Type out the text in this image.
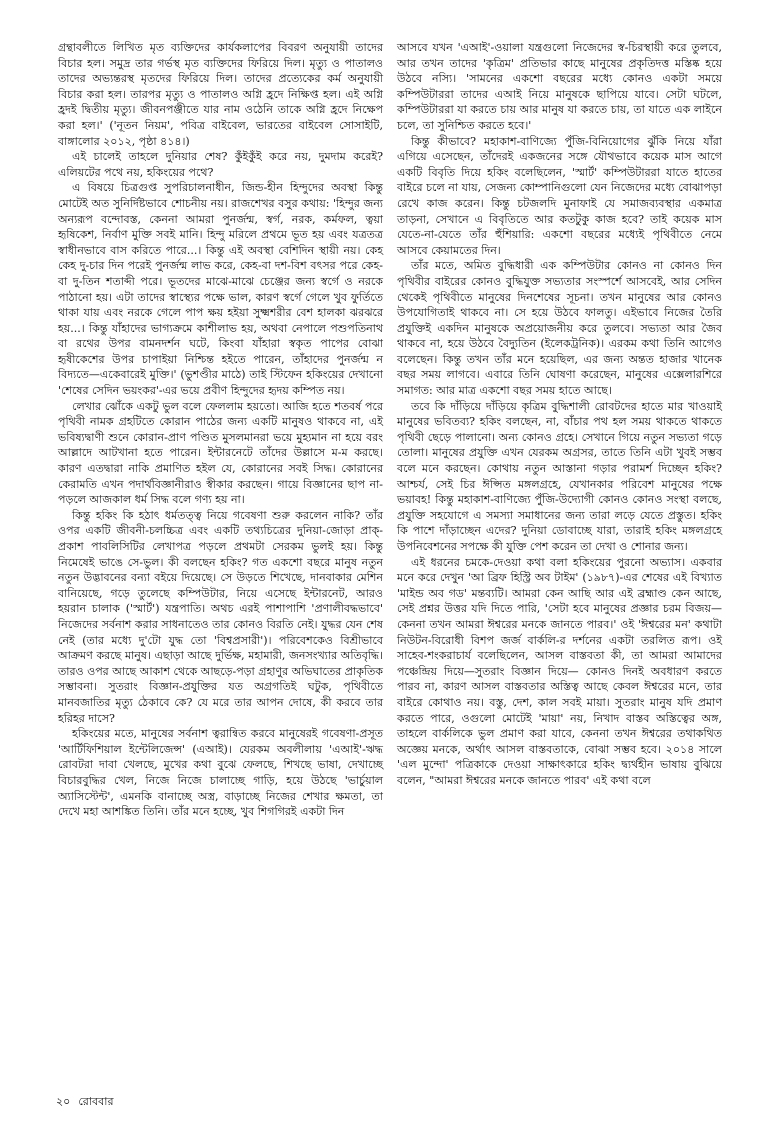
গ্রন্থাবলীতে লিখিত মৃত ব্যক্তিদের কার্যকলাপের বিবরণ অনুযায়ী তাদের বিচার হল। সমুদ্র তার গর্ভস্থ মৃত ব্যক্তিদের ফিরিয়ে দিল। মৃত্যু ও পাতালও তাদের অভ্যন্তরস্থ মৃতদের ফিরিয়ে দিল। তাদের প্রত্যেকের কর্ম অনুযায়ী বিচার করা হল। তারপর মৃত্যু ও পাতালও অগ্নি হ্রদে নিক্ষিপ্ত হল। এই অগ্নি হ্রদই দ্বিতীয় মৃত্যু। জীবনপঞ্জীতে যার নাম ওঠেনি তাকে অগ্নি হ্রদে নিক্ষেপ করা হল।' ('নূতন নিয়ম', পবিত্র বাইবেল, ভারতের বাইবেল সোসাইটি, বাঙ্গালোর ২০১২, পৃষ্ঠা ৪১৪।)

এই চালেই তাহলে দুনিয়ার শেষ? কুঁইকুঁই করে নয়, দুমদাম করেই? এলিয়টের পথে নয়, হকিংয়ের পথে?

এ বিষয়ে চিত্রগুপ্ত সুপরিচালনাধীন, জিন্ড-হীন হিন্দুদের অবস্থা কিন্তু মোটেই অত সুনির্দিষ্টভাবে শোচনীয় নয়। রাজশেখর বসুর কথায়: 'হিন্দুর জন্য অন্যরূপ বন্দোবস্ত, কেননা আমরা পুনর্জন্ম, স্বর্গ, নরক, কর্মফল, ত্বয়া হৃষিকেশ, নির্বাণ মুক্তি সবই মানি। হিন্দু মরিলে প্রথমে ভূত হয় এবং যত্রতত্র স্বাধীনভাবে বাস করিতে পারে...। কিন্তু এই অবস্থা বেশিদিন স্থায়ী নয়। কেহ কেহ দু-চার দিন পরেই পুনর্জন্ম লাভ করে, কেহ-বা দশ-বিশ বৎসর পরে কেহ-বা দু-তিন শতাব্দী পরে। ভূতদের মাঝে-মাঝে চেঞ্জের জন্য স্বর্গে ও নরকে পাঠানো হয়। এটা তাদের স্বাস্থ্যের পক্ষে ভাল, কারণ স্বর্গে গেলে খুব ফুর্তিতে থাকা যায় এবং নরকে গেলে পাপ ক্ষয় হইয়া সুক্ষ্মশরীর বেশ হালকা ঝরঝরে হয়...। কিন্তু যাঁহাদের ভাগ্যক্রমে কাশীলাভ হয়, অথবা নেপালে পশুপতিনাথ বা রথের উপর বামনদর্শন ঘটে, কিংবা যাঁহারা স্বকৃত পাপের বোঝা হৃষীকেশের উপর চাপাইয়া নিশ্চিন্ত হইতে পারেন, তাঁহাদের পুনর্জন্ম ন বিদ্যতে—একেবারেই মুক্তি।' (ভুশণ্ডীর মাঠে) তাই স্টিফেন হকিংয়ের দেখানো 'শেষের সেদিন ভয়ংকর'-এর ভয়ে প্রবীণ হিন্দুদের হৃদয় কম্পিত নয়।

লেখার ঝোঁকে একটু ভুল বলে ফেললাম হয়তো। আজি হতে শতবর্ষ পরে পৃথিবী নামক গ্রহটিতে কোরান পাঠের জন্য একটি মানুষও থাকবে না, এই ভবিষ্যদ্বাণী শুনে কোরান-প্রাণ পণ্ডিত মুসলমানরা ভয়ে মুহ্যমান না হয়ে বরং আল্লাদে আটখানা হতে পারেন। ইন্টারনেটে তাঁদের উল্লাসে ম-ম করছে। কারণ এতদ্বারা নাকি প্রমাণিত হইল যে, কোরানের সবই সিদ্ধ। কোরানের কেরামতি এখন পদার্থবিজ্ঞানীরাও স্বীকার করছেন। গায়ে বিজ্ঞানের ছাপ না-পড়লে আজকাল ধর্ম সিদ্ধ বলে গণ্য হয় না।

কিন্তু হকিং কি হঠাৎ ধর্মতত্ত্ব নিয়ে গবেষণা শুরু করলেন নাকি? তাঁর ওপর একটি জীবনী-চলচ্চিত্র এবং একটি তথ্যচিত্রের দুনিয়া-জোড়া প্রাক্-প্রকাশ পাবলিসিটির লেখাপত্র পড়লে প্রথমটা সেরকম ভুলই হয়। কিন্তু নিমেষেই ভাঙে সে-ভুল। কী বলছেন হকিং? গত একশো বছরে মানুষ নতুন নতুন উদ্ভাবনের বন্যা বইয়ে দিয়েছে। সে উড়তে শিখেছে, দানবাকার মেশিন বানিয়েছে, গড়ে তুলেছে কম্পিউটার, নিয়ে এসেছে ইন্টারনেট, আরও হয়রান চালাক ('স্মার্ট') যন্ত্রপাতি। অথচ এরই পাশাপাশি 'প্রণালীবদ্ধভাবে' নিজেদের সর্বনাশ করার সাধনাতেও তার কোনও বিরতি নেই। যুদ্ধর যেন শেষ নেই (তার মধ্যে দু'টো যুদ্ধ তো 'বিশ্বপ্রসারী')। পরিবেশকেও বিশ্রীভাবে আক্রমণ করছে মানুষ। এছাড়া আছে দুর্ভিক্ষ, মহামারী, জনসংখ্যার অতিবৃদ্ধি। তারও ওপর আছে আকাশ থেকে আছড়ে-পড়া গ্রহাণুর অভিঘাতের প্রাকৃতিক সম্ভাবনা। সুতরাং বিজ্ঞান-প্রযুক্তির যত অগ্রগতিই ঘটুক, পৃথিবীতে মানবজাতির মৃত্যু ঠেকাবে কে? যে মরে তার আপন দোষে, কী করবে তার হরিহর দাসে?

হকিংয়ের মতে, মানুষের সর্বনাশ ত্বরান্বিত করবে মানুষেরই গবেষণা-প্রসূত 'আর্টিফিশিয়াল ইন্টেলিজেন্স' (এআই)। যেরকম অবলীলায় 'এআই'-ঋদ্ধ রোবটরা দাবা খেলছে, মুখের কথা বুঝে ফেলছে, শিখছে ভাষা, দেখাচ্ছে বিচারবুদ্ধির খেল, নিজে নিজে চালাচ্ছে গাড়ি, হয়ে উঠছে 'ভার্চুয়াল অ্যাসিস্টেন্ট', এমনকি বানাচ্ছে অস্ত্র, বাড়াচ্ছে নিজের শেখার ক্ষমতা, তা দেখে মহা আশঙ্কিত তিনি। তাঁর মনে হচ্ছে, খুব শিগগিরই একটা দিন

আসবে যখন 'এআই'-ওয়ালা যন্ত্রগুলো নিজেদের স্ব-চিরস্থায়ী করে তুলবে, আর তখন তাদের 'কৃত্রিম' প্রতিভার কাছে মানুষের প্রকৃতিদত্ত মস্তিষ্ক হয়ে উঠবে নস্যি। 'সামনের একশো বছরের মধ্যে কোনও একটা সময়ে কম্পিউটাররা তাদের এআই নিয়ে মানুষকে ছাপিয়ে যাবে। সেটা ঘটলে, কম্পিউটাররা যা করতে চায় আর মানুষ যা করতে চায়, তা যাতে এক লাইনে চলে, তা সুনিশ্চিত করতে হবে।'

কিন্তু কীভাবে? মহাকাশ-বাণিজ্যে পুঁজি-বিনিয়োগের ঝুঁকি নিয়ে যাঁরা এগিয়ে এসেছেন, তাঁদেরই একজনের সঙ্গে যৌথভাবে কয়েক মাস আগে একটি বিবৃতি দিয়ে হকিং বলেছিলেন, 'স্মার্ট' কম্পিউটাররা যাতে হাতের বাইরে চলে না যায়, সেজন্য কোম্পানিগুলো যেন নিজেদের মধ্যে বোঝাপড়া রেখে কাজ করেন। কিন্তু চটজলদি মুনাফাই যে সমাজব্যবস্থার একমাত্র তাড়না, সেখানে এ বিবৃতিতে আর কতটুকু কাজ হবে? তাই কয়েক মাস যেতে-না-যেতে তাঁর হুঁশিয়ারি: একশো বছরের মধ্যেই পৃথিবীতে নেমে আসবে কেয়ামতের দিন।

তাঁর মতে, অমিত বুদ্ধিধারী এক কম্পিউটার কোনও না কোনও দিন পৃথিবীর বাইরের কোনও বুদ্ধিযুক্ত সভ্যতার সংস্পর্শে আসবেই, আর সেদিন থেকেই পৃথিবীতে মানুষের দিনশেষের সূচনা। তখন মানুষের আর কোনও উপযোগিতাই থাকবে না। সে হয়ে উঠবে ফালতু। এইভাবে নিজের তৈরি প্রযুক্তিই একদিন মানুষকে অপ্রয়োজনীয় করে তুলবে। সভ্যতা আর জৈব থাকবে না, হয়ে উঠবে বৈদ্যুতিন (ইলেকট্রনিক)। এরকম কথা তিনি আগেও বলেছেন। কিন্তু তখন তাঁর মনে হয়েছিল, এর জন্য অন্তত হাজার খানেক বছর সময় লাগবে। এবারে তিনি ঘোষণা করেছেন, মানুষের এক্সেলারশিরে সমাগত: আর মাত্র একশো বছর সময় হাতে আছে।

তবে কি দাঁড়িয়ে দাঁড়িয়ে কৃত্রিম বুদ্ধিশালী রোবটদের হাতে মার খাওয়াই মানুষের ভবিতব্য? হকিং বলছেন, না, বাঁচার পথ হল সময় থাকতে থাকতে পৃথিবী ছেড়ে পালানো। অন্য কোনও গ্রহে। সেখানে গিয়ে নতুন সভ্যতা গড়ে তোলা। মানুষের প্রযুক্তি এখন যেরকম অগ্রসর, তাতে তিনি এটা খুবই সম্ভব বলে মনে করছেন। কোথায় নতুন আস্তানা গড়ার পরামর্শ দিচ্ছেন হকিং? আশ্চর্য, সেই চির ঈপ্সিত মঙ্গলগ্রহে, যেখানকার পরিবেশ মানুষের পক্ষে ভয়াবহ! কিন্তু মহাকাশ-বাণিজ্যে পুঁজি-উদ্যোগী কোনও কোনও সংস্থা বলছে, প্রযুক্তি সহযোগে এ সমস্যা সমাধানের জন্য তারা লড়ে যেতে প্রস্তুত। হকিং কি পাশে দাঁড়াচ্ছেন এদের? দুনিয়া ডোবাচ্ছে যারা, তারাই হকিং মঙ্গলগ্রহে উপনিবেশনের সপক্ষে কী যুক্তি পেশ করেন তা দেখা ও শোনার জন্য।

এই ধরনের চমকে-দেওয়া কথা বলা হকিংয়ের পুরনো অভ্যাস। একবার মনে করে দেখুন 'আ ব্রিফ হিস্ট্রি অব টাইম' (১৯৮৭)-এর শেষের এই বিখ্যাত 'মাইন্ড অব গড' মন্তব্যটি। আমরা কেন আছি আর এই ব্রহ্মাণ্ড কেন আছে, সেই প্রশ্নর উত্তর যদি দিতে পারি, 'সেটা হবে মানুষের প্রজ্ঞার চরম বিজয়—কেননা তখন আমরা ঈশ্বরের মনকে জানতে পারব।' ওই 'ঈশ্বরের মন' কথাটা নিউটন-বিরোধী বিশপ জর্জ বার্কলি-র দর্শনের একটা তরলিত রূপ। ওই সাহেব-শংকরাচার্য বলেছিলেন, আসল বাস্তবতা কী, তা আমরা আমাদের পঞ্চেন্দ্রিয় দিয়ে—সুতরাং বিজ্ঞান দিয়ে— কোনও দিনই অবধারণ করতে পারব না, কারণ আসল বাস্তবতার অস্তিত্ব আছে কেবল ঈশ্বরের মনে, তার বাইরে কোথাও নয়। বস্তু, দেশ, কাল সবই মায়া। সুতরাং মানুষ যদি প্রমাণ করতে পারে, ওগুলো মোটেই 'মায়া' নয়, নিখাদ বাস্তব অস্তিত্বের অঙ্গ, তাহলে বার্কলিকে ভুল প্রমাণ করা যাবে, কেননা তখন ঈশ্বরের তথাকথিত অজ্ঞেয় মনকে, অর্থাৎ আসল বাস্তবতাকে, বোঝা সম্ভব হবে। ২০১৪ সালে 'এল মুন্দো' পত্রিকাকে দেওয়া সাক্ষাৎকারে হকিং দ্ব্যর্থহীন ভাষায় বুঝিয়ে বলেন, "আমরা ঈশ্বরের মনকে জানতে পারব' এই কথা বলে

২০ রোববার
